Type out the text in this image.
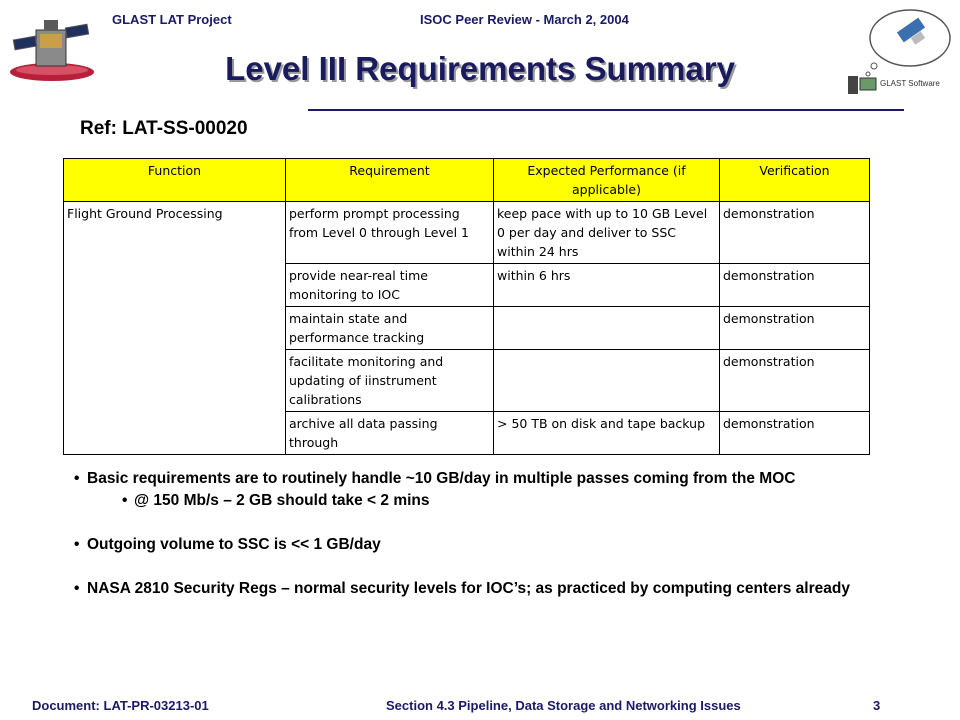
GLAST LAT Project	ISOC Peer Review - March 2, 2004
GLAST Software
Level III Requirements Summary
Ref: LAT-SS-00020
Function	Requirement	Expected Performance (if applicable)	Verification
Flight Ground Processing	perform prompt processing from Level 0 through Level 1	keep pace with up to 10 GB Level 0 per day and deliver to SSC within 24 hrs	demonstration
	provide near-real time monitoring to IOC	within 6 hrs	demonstration
	maintain state and performance tracking		demonstration
	facilitate monitoring and updating of iinstrument calibrations		demonstration
	archive all data passing through	> 50 TB on disk and tape backup	demonstration
• Basic requirements are to routinely handle ~10 GB/day in multiple passes coming from the MOC
• @ 150 Mb/s – 2 GB should take < 2 mins
• Outgoing volume to SSC is << 1 GB/day
• NASA 2810 Security Regs – normal security levels for IOC’s; as practiced by computing centers already
Document: LAT-PR-03213-01	Section 4.3 Pipeline, Data Storage and Networking Issues	3
